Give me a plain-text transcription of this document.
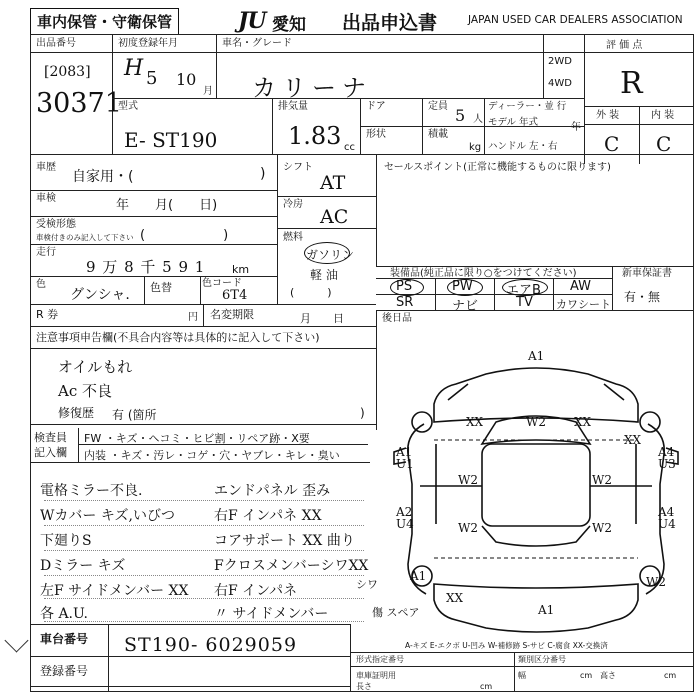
車内保管・守衛保管	JU 愛知 出品申込書	JAPAN USED CAR DEALERS ASSOCIATION
出品番号
[2083]
30371
初度登録年月
H 5 10
月
車名・グレード
カリーナ
2WD
4WD
評 価 点
R
外 装	内 装
C C
型式
E- ST190
排気量
1.83 cc
ドア	定員 5 人
ディーラー・並 行
モデル 年式	年
形状	積載
kg ハンドル 左・右
車歴
自家用・(	)
車検	年　　月(　　日)
受検形態
車検付きのみ記入して下さい (　　　　　　)
走行
9 万 8 千 5 9 1 km
色
グンシャ. 色替	色コード
6T4
シフト
AT
冷房
AC
燃料
ガソリン
軽 油
(　　　)
セールスポイント(正常に機能するものに限ります)
装備品(純正品に限り○をつけてください)
PS	PW	エアB AW
SR	ナビ	TV カワシート
新車保証書
有・無
R 券	円 名変期限	月　　日	後日品
注意事項申告欄(不具合内容等は具体的に記入して下さい)
オイルもれ
Ac 不良
修復歴 有 (箇所	)
検査員
記入欄
FW ・キズ・ヘコミ・ヒビ割・リペア跡・X要
内装 ・キズ・汚レ・コゲ・穴・ヤブレ・キレ・臭い
電格ミラー不良.
Wカバー キズ,いびつ
下廻りS
Dミラー キズ
左F サイドメンバー XX
各 A.U.
エンドパネル 歪み
右F インパネ XX
コアサポート XX 曲り
FクロスメンバーシワXX
右F インパネ
〃 サイドメンバー
シワ
傷 スペア
A1
W2
XX	XX
XX
W2	W2
W2	W2
A4
U3
A1
U1
A2
U4
A4
U4
A1
A1
W2
XX
A-キズ E-エクボ U-凹み W-補修跡 S-サビ C-腐食 XX-交換済
車台番号 ST190- 6029059
登録番号
形式指定番号	類別区分番号
車庫証明用
長さ	cm
幅	cm 高さ	cm
